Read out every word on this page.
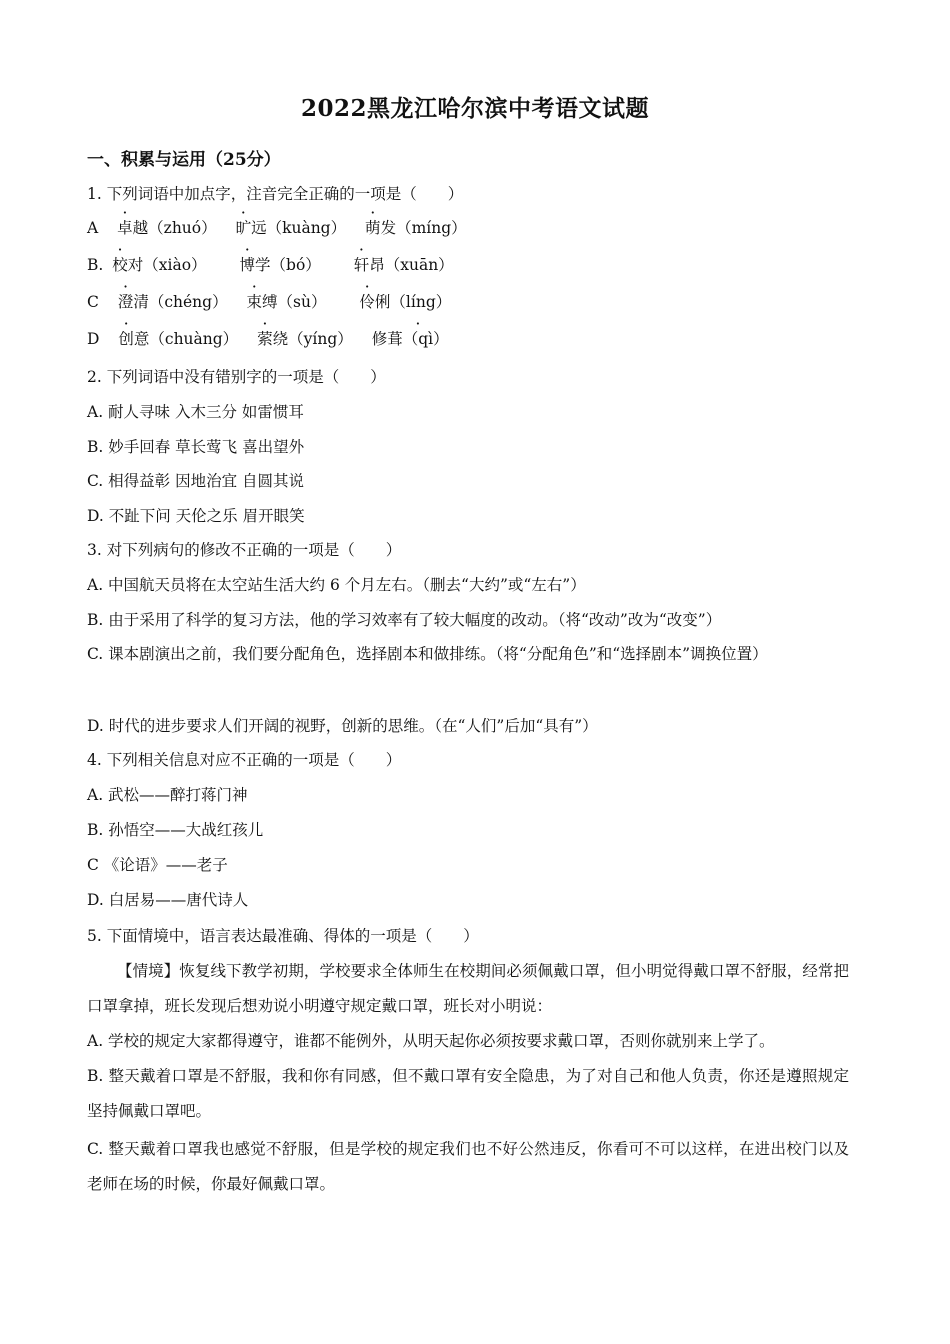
2022黑龙江哈尔滨中考语文试题
一、积累与运用（25分）
1. 下列词语中加点字，注音完全正确的一项是（　　）
A 卓越（zhuó） 旷远（kuàng） 萌发（míng）
B. 校对（xiào） 博学（bó） 轩昂（xuān）
C 澄清（chéng） 束缚（sù） 伶俐（líng）
D 创意（chuàng） 萦绕（yíng） 修· 葺（qì）
2. 下列词语中没有错别字的一项是（　　）
A. 耐人寻味 入木三分 如雷惯耳
B. 妙手回春 草长莺飞 喜出望外
C. 相得益彰 因地治宜 自圆其说
D. 不趾下问 天伦之乐 眉开眼笑
3. 对下列病句的修改不正确的一项是（　　）
A. 中国航天员将在太空站生活大约 6 个月左右。（删去“大约”或“左右”）
B. 由于采用了科学的复习方法，他的学习效率有了较大幅度的改动。（将“改动”改为“改变”）
C. 课本剧演出之前，我们要分配角色，选择剧本和做排练。（将“分配角色”和“选择剧本”调换位置）
D. 时代的进步要求人们开阔的视野，创新的思维。（在“人们”后加“具有”）
4. 下列相关信息对应不正确的一项是（　　）
A. 武松——醉打蒋门神
B. 孙悟空——大战红孩儿
C 《论语》——老子
D. 白居易——唐代诗人
5. 下面情境中，语言表达最准确、得体的一项是（　　）
【情境】恢复线下教学初期，学校要求全体师生在校期间必须佩戴口罩，但小明觉得戴口罩不舒服，经常把口罩拿掉，班长发现后想劝说小明遵守规定戴口罩，班长对小明说：
A. 学校的规定大家都得遵守，谁都不能例外，从明天起你必须按要求戴口罩，否则你就别来上学了。
B. 整天戴着口罩是不舒服，我和你有同感，但不戴口罩有安全隐患，为了对自己和他人负责，你还是遵照规定坚持佩戴口罩吧。
C. 整天戴着口罩我也感觉不舒服，但是学校的规定我们也不好公然违反，你看可不可以这样，在进出校门以及老师在场的时候，你最好佩戴口罩。
